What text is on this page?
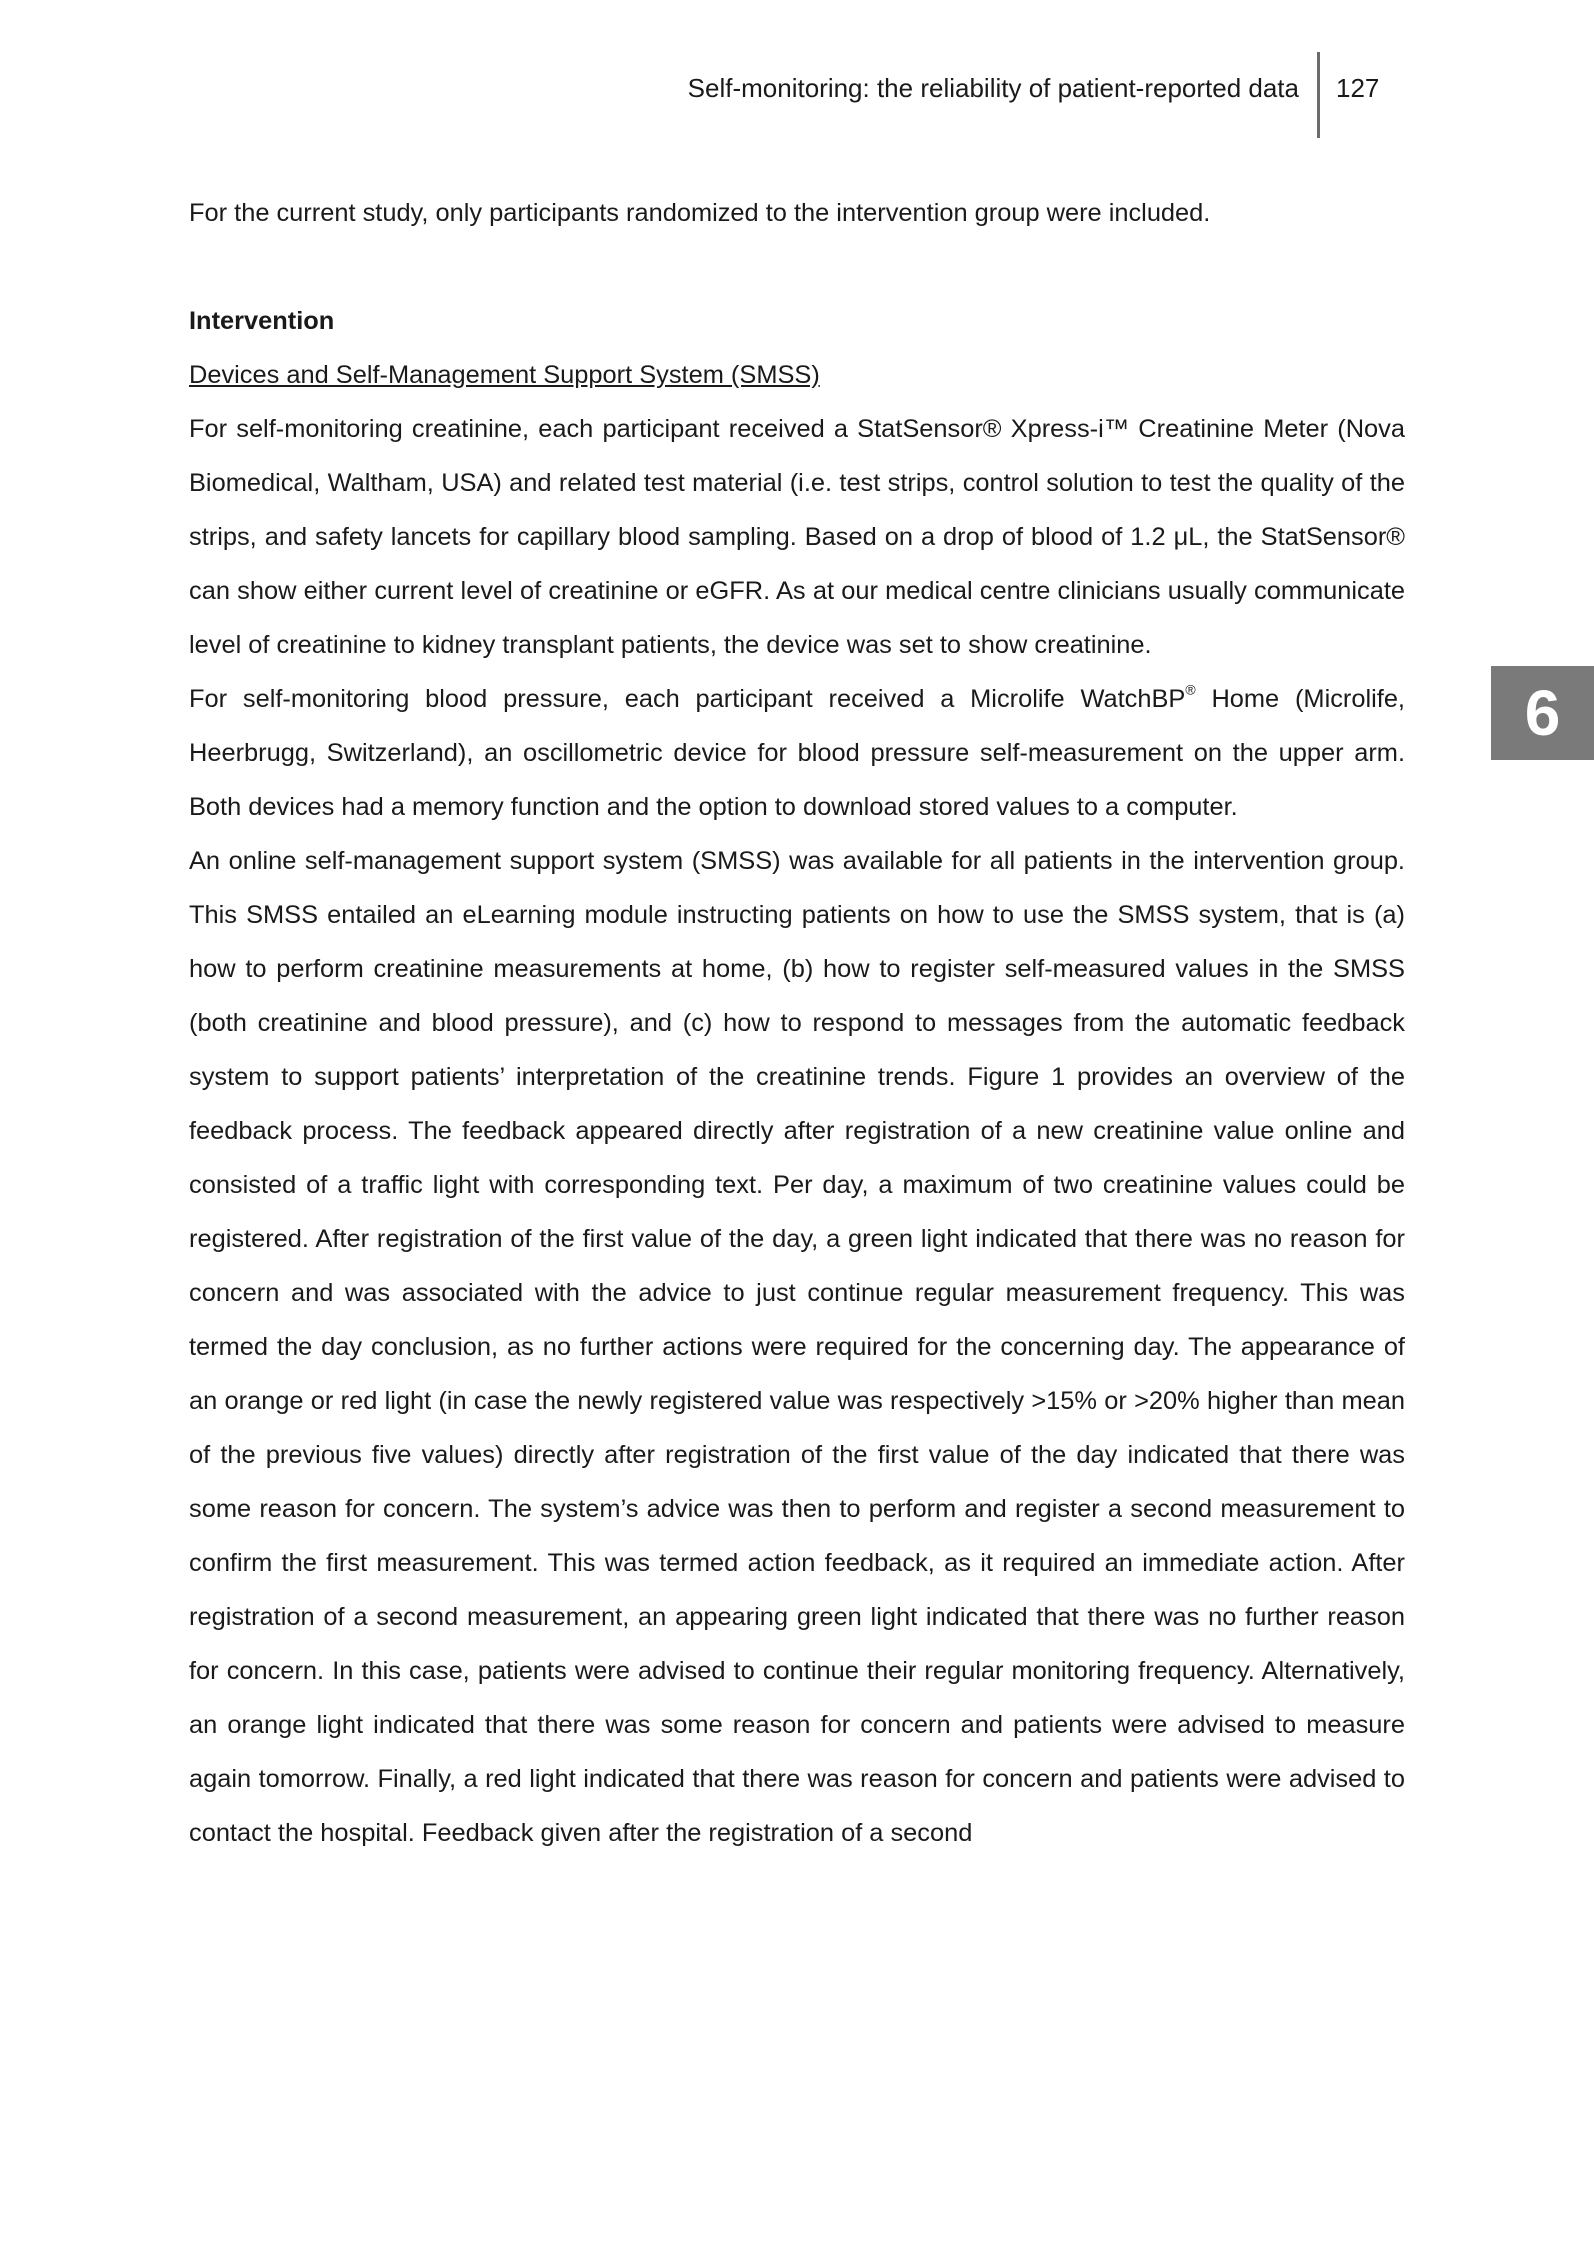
Self-monitoring: the reliability of patient-reported data	127
6

For the current study, only participants randomized to the intervention group were included.

Intervention

Devices and Self-Management Support System (SMSS)

For self-monitoring creatinine, each participant received a StatSensor® Xpress-i™ Creatinine Meter (Nova Biomedical, Waltham, USA) and related test material (i.e. test strips, control solution to test the quality of the strips, and safety lancets for capillary blood sampling. Based on a drop of blood of 1.2 μL, the StatSensor® can show either current level of creatinine or eGFR. As at our medical centre clinicians usually communicate level of creatinine to kidney transplant patients, the device was set to show creatinine.

For self-monitoring blood pressure, each participant received a Microlife WatchBP® Home (Microlife, Heerbrugg, Switzerland), an oscillometric device for blood pressure self-measurement on the upper arm. Both devices had a memory function and the option to download stored values to a computer.

An online self-management support system (SMSS) was available for all patients in the intervention group. This SMSS entailed an eLearning module instructing patients on how to use the SMSS system, that is (a) how to perform creatinine measurements at home, (b) how to register self-measured values in the SMSS (both creatinine and blood pressure), and (c) how to respond to messages from the automatic feedback system to support patients’ interpretation of the creatinine trends. Figure 1 provides an overview of the feedback process. The feedback appeared directly after registration of a new creatinine value online and consisted of a traffic light with corresponding text. Per day, a maximum of two creatinine values could be registered. After registration of the first value of the day, a green light indicated that there was no reason for concern and was associated with the advice to just continue regular measurement frequency. This was termed the day conclusion, as no further actions were required for the concerning day. The appearance of an orange or red light (in case the newly registered value was respectively >15% or >20% higher than mean of the previous five values) directly after registration of the first value of the day indicated that there was some reason for concern. The system’s advice was then to perform and register a second measurement to confirm the first measurement. This was termed action feedback, as it required an immediate action. After registration of a second measurement, an appearing green light indicated that there was no further reason for concern. In this case, patients were advised to continue their regular monitoring frequency. Alternatively, an orange light indicated that there was some reason for concern and patients were advised to measure again tomorrow. Finally, a red light indicated that there was reason for concern and patients were advised to contact the hospital. Feedback given after the registration of a second
